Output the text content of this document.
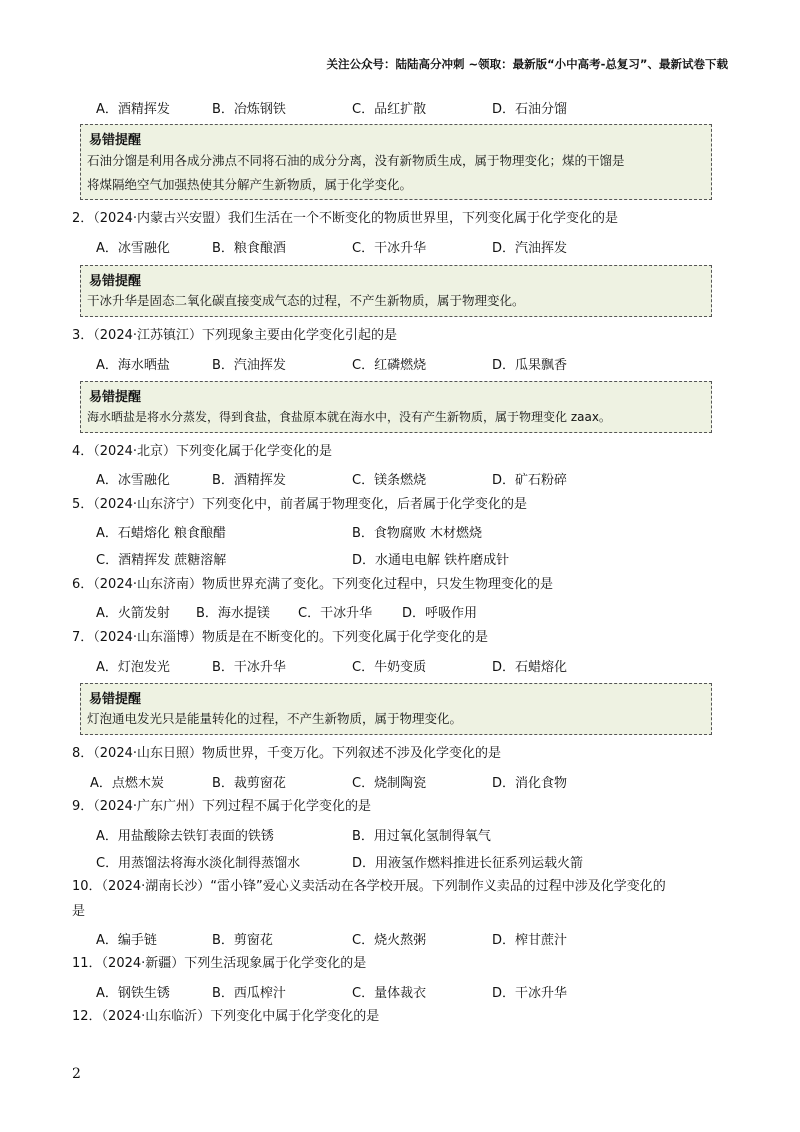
关注公众号：陆陆高分冲刺 ~领取：最新版“小中高考-总复习”、最新试卷下载
A．酒精挥发	B．冶炼钢铁	C．品红扩散	D．石油分馏
易错提醒
石油分馏是利用各成分沸点不同将石油的成分分离，没有新物质生成，属于物理变化；煤的干馏是
将煤隔绝空气加强热使其分解产生新物质，属于化学变化。
2．（2024·内蒙古兴安盟）我们生活在一个不断变化的物质世界里，下列变化属于化学变化的是
A．冰雪融化	B．粮食酿酒	C．干冰升华	D．汽油挥发
易错提醒
干冰升华是固态二氧化碳直接变成气态的过程，不产生新物质，属于物理变化。
3．（2024·江苏镇江）下列现象主要由化学变化引起的是
A．海水晒盐	B．汽油挥发	C．红磷燃烧	D．瓜果飘香
易错提醒
海水晒盐是将水分蒸发，得到食盐，食盐原本就在海水中，没有产生新物质，属于物理变化 zaax。
4．（2024·北京）下列变化属于化学变化的是
A．冰雪融化	B．酒精挥发	C．镁条燃烧	D．矿石粉碎
5．（2024·山东济宁）下列变化中，前者属于物理变化，后者属于化学变化的是
A．石蜡熔化 粮食酿醋	B．食物腐败 木材燃烧
C．酒精挥发 蔗糖溶解	D．水通电电解 铁杵磨成针
6．（2024·山东济南）物质世界充满了变化。下列变化过程中，只发生物理变化的是
A．火箭发射 B．海水提镁 C．干冰升华 D．呼吸作用
7．（2024·山东淄博）物质是在不断变化的。下列变化属于化学变化的是
A．灯泡发光	B．干冰升华	C．牛奶变质	D．石蜡熔化
易错提醒
灯泡通电发光只是能量转化的过程，不产生新物质，属于物理变化。
8．（2024·山东日照）物质世界，千变万化。下列叙述不涉及化学变化的是
A．点燃木炭	B．裁剪窗花	C．烧制陶瓷	D．消化食物
9．（2024·广东广州）下列过程不属于化学变化的是
A．用盐酸除去铁钉表面的铁锈	B．用过氧化氢制得氧气
C．用蒸馏法将海水淡化制得蒸馏水	D．用液氢作燃料推进长征系列运载火箭
10．（2024·湖南长沙）“雷小锋”爱心义卖活动在各学校开展。下列制作义卖品的过程中涉及化学变化的
是
A．编手链	B．剪窗花	C．烧火熬粥	D．榨甘蔗汁
11．（2024·新疆）下列生活现象属于化学变化的是
A．钢铁生锈	B．西瓜榨汁	C．量体裁衣	D．干冰升华
12．（2024·山东临沂）下列变化中属于化学变化的是
2
